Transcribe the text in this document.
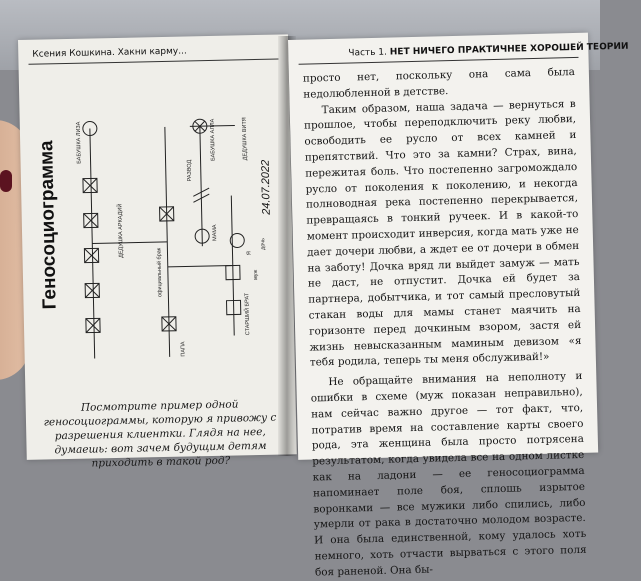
Ксения Кошкина. Хакни карму...
Геносоциограмма	24.07.2022
БАБУШКА ЛИЗА
ДЕДУШКА АРКАДИЙ
БАБУШКА АЛЛА	ДЕДУШКА ВИТЯ
ПАПА
МАМА
СТАРШИЙ БРАТ
Я
муж
дочь
РАЗВОД
официальный брак
Посмотрите пример одной геносоциограммы, которую я привожу с разрешения клиентки. Глядя на нее, думаешь: вот зачем будущим детям приходить в такой род?
Часть 1. НЕТ НИЧЕГО ПРАКТИЧНЕЕ ХОРОШЕЙ ТЕОРИИ

просто нет, поскольку она сама была недолюбленной в детстве.

Таким образом, наша задача — вернуться в прошлое, чтобы переподключить реку любви, освободить ее русло от всех камней и препятствий. Что это за камни? Страх, вина, пережитая боль. Что постепенно загромождало русло от поколения к поколению, и некогда полноводная река постепенно перекрывается, превращаясь в тонкий ручеек. И в какой-то момент происходит инверсия, когда мать уже не дает дочери любви, а ждет ее от дочери в обмен на заботу! Дочка вряд ли выйдет замуж — мать не даст, не отпустит. Дочка ей будет за партнера, добытчика, и тот самый пресловутый стакан воды для мамы станет маячить на горизонте перед дочкиным взором, застя ей жизнь невысказанным маминым девизом «я тебя родила, теперь ты меня обслуживай!»

Не обращайте внимания на неполноту и ошибки в схеме (муж показан неправильно), нам сейчас важно другое — тот факт, что, потратив время на составление карты своего рода, эта женщина была просто потрясена результатом, когда увидела все на одном листке как на ладони — ее геносоциограмма напоминает поле боя, сплошь изрытое воронками — все мужики либо спились, либо умерли от рака в достаточно молодом возрасте. И она была единственной, кому удалось хоть немного, хоть отчасти вырваться с этого поля боя раненой. Она бы-
